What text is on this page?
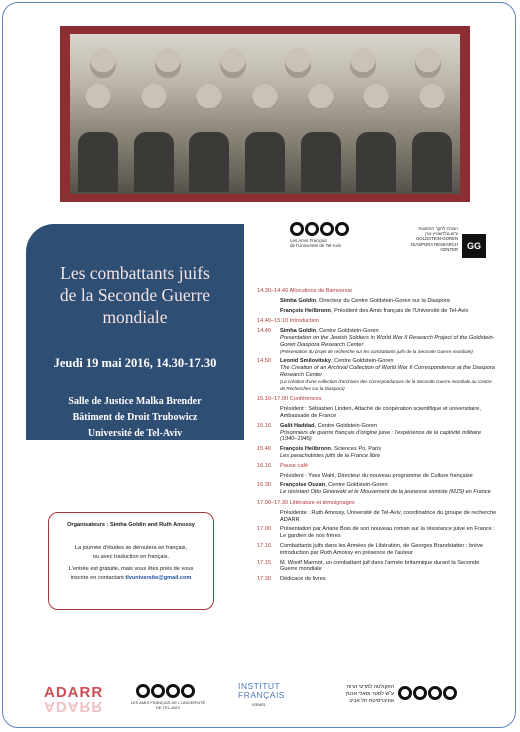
Les combattants juifs
de la Seconde Guerre
mondiale
Jeudi 19 mai 2016, 14.30-17.30
Salle de Justice Malka Brender
Bâtiment de Droit Trubowicz
Université de Tel-Aviv
Organisateurs : Simha Goldin and Ruth Amossy
La journée d'études se déroulera en français,
ou avec traduction en français.
L'entrée est gratuite, mais vous êtes priés de vous
inscrire en contactant tlvuniversite@gmail.com
Les Amis Français
de l'Université de Tel-Aviv
המרכז לחקר התפוצות
ע"ש גולדשטיין-גורן
GOLDSTEIN-GOREN
DIASPORA RESEARCH
CENTER GG
14.30–14.40 Allocutions de Bienvenue
Simha Goldin, Directeur du Centre Goldstein-Goren sur la Diaspora
François Heilbronn, Président des Amis français de l'Université de Tel-Aviv
14.40–15.10 Introduction
14.40	Simha Goldin, Centre Goldstein-Goren
Presentation on the Jewish Soldiers in World War II Research Project of the Goldstein-Goren Diaspora Research Center
(Présentation du projet de recherche sur les combattants juifs de la Seconde Guerre mondiale)
14.50	Leonid Smilovitsky, Centre Goldstein-Goren
The Creation of an Archival Collection of World War II Correspondence at the Diaspora Research Center
(La création d'une collection d'archives des correspondances de la Seconde Guerre mondiale au Centre de Recherches sur la Diaspora)
15.10–17.00 Conférences
Président : Sébastien Linden, Attaché de coopération scientifique et universitaire, Ambassade de France
15.10	Galit Haddad, Centre Goldstein-Goren
Prisonniers de guerre français d'origine juive : l'expérience de la captivité militaire (1940–1945)
15.40	François Heilbronn, Sciences Po, Paris
Les parachutistes juifs de la France libre
16.10	Pause café
Président : Yves Wahl, Directeur du nouveau programme de Culture française
16.30	Françoise Ouzan, Centre Goldstein-Goren
Le résistant Otto Giniewski et le Mouvement de la jeunesse sioniste (MJS) en France
17.00–17.30 Littérature et témoignages
Présidente : Ruth Amossy, Université de Tel-Aviv, coordinatrice du groupe de recherche ADARR
17.00	Présentation par Ariane Bois de son nouveau roman sur la résistance juive en France : Le gardien de nos frères
17.10	Combattants juifs dans les Armées de Libération, de Georges Brandstatter : brève introduction par Ruth Amossy en présence de l'auteur
17.15	M. Woolf Marmot, un combattant juif dans l'armée britannique durant la Seconde Guerre mondiale
17.30	Dédicace de livres
ADARR
ADARR	LES AMIS FRANÇAIS DE L'UNIVERSITÉ DE TEL-AVIV
INSTITUT
FRANÇAIS
ISRAËL
הפקולטה למדעי הרוח
ע"ש לסטר וסאלי אנטין
אוניברסיטת תל אביב
